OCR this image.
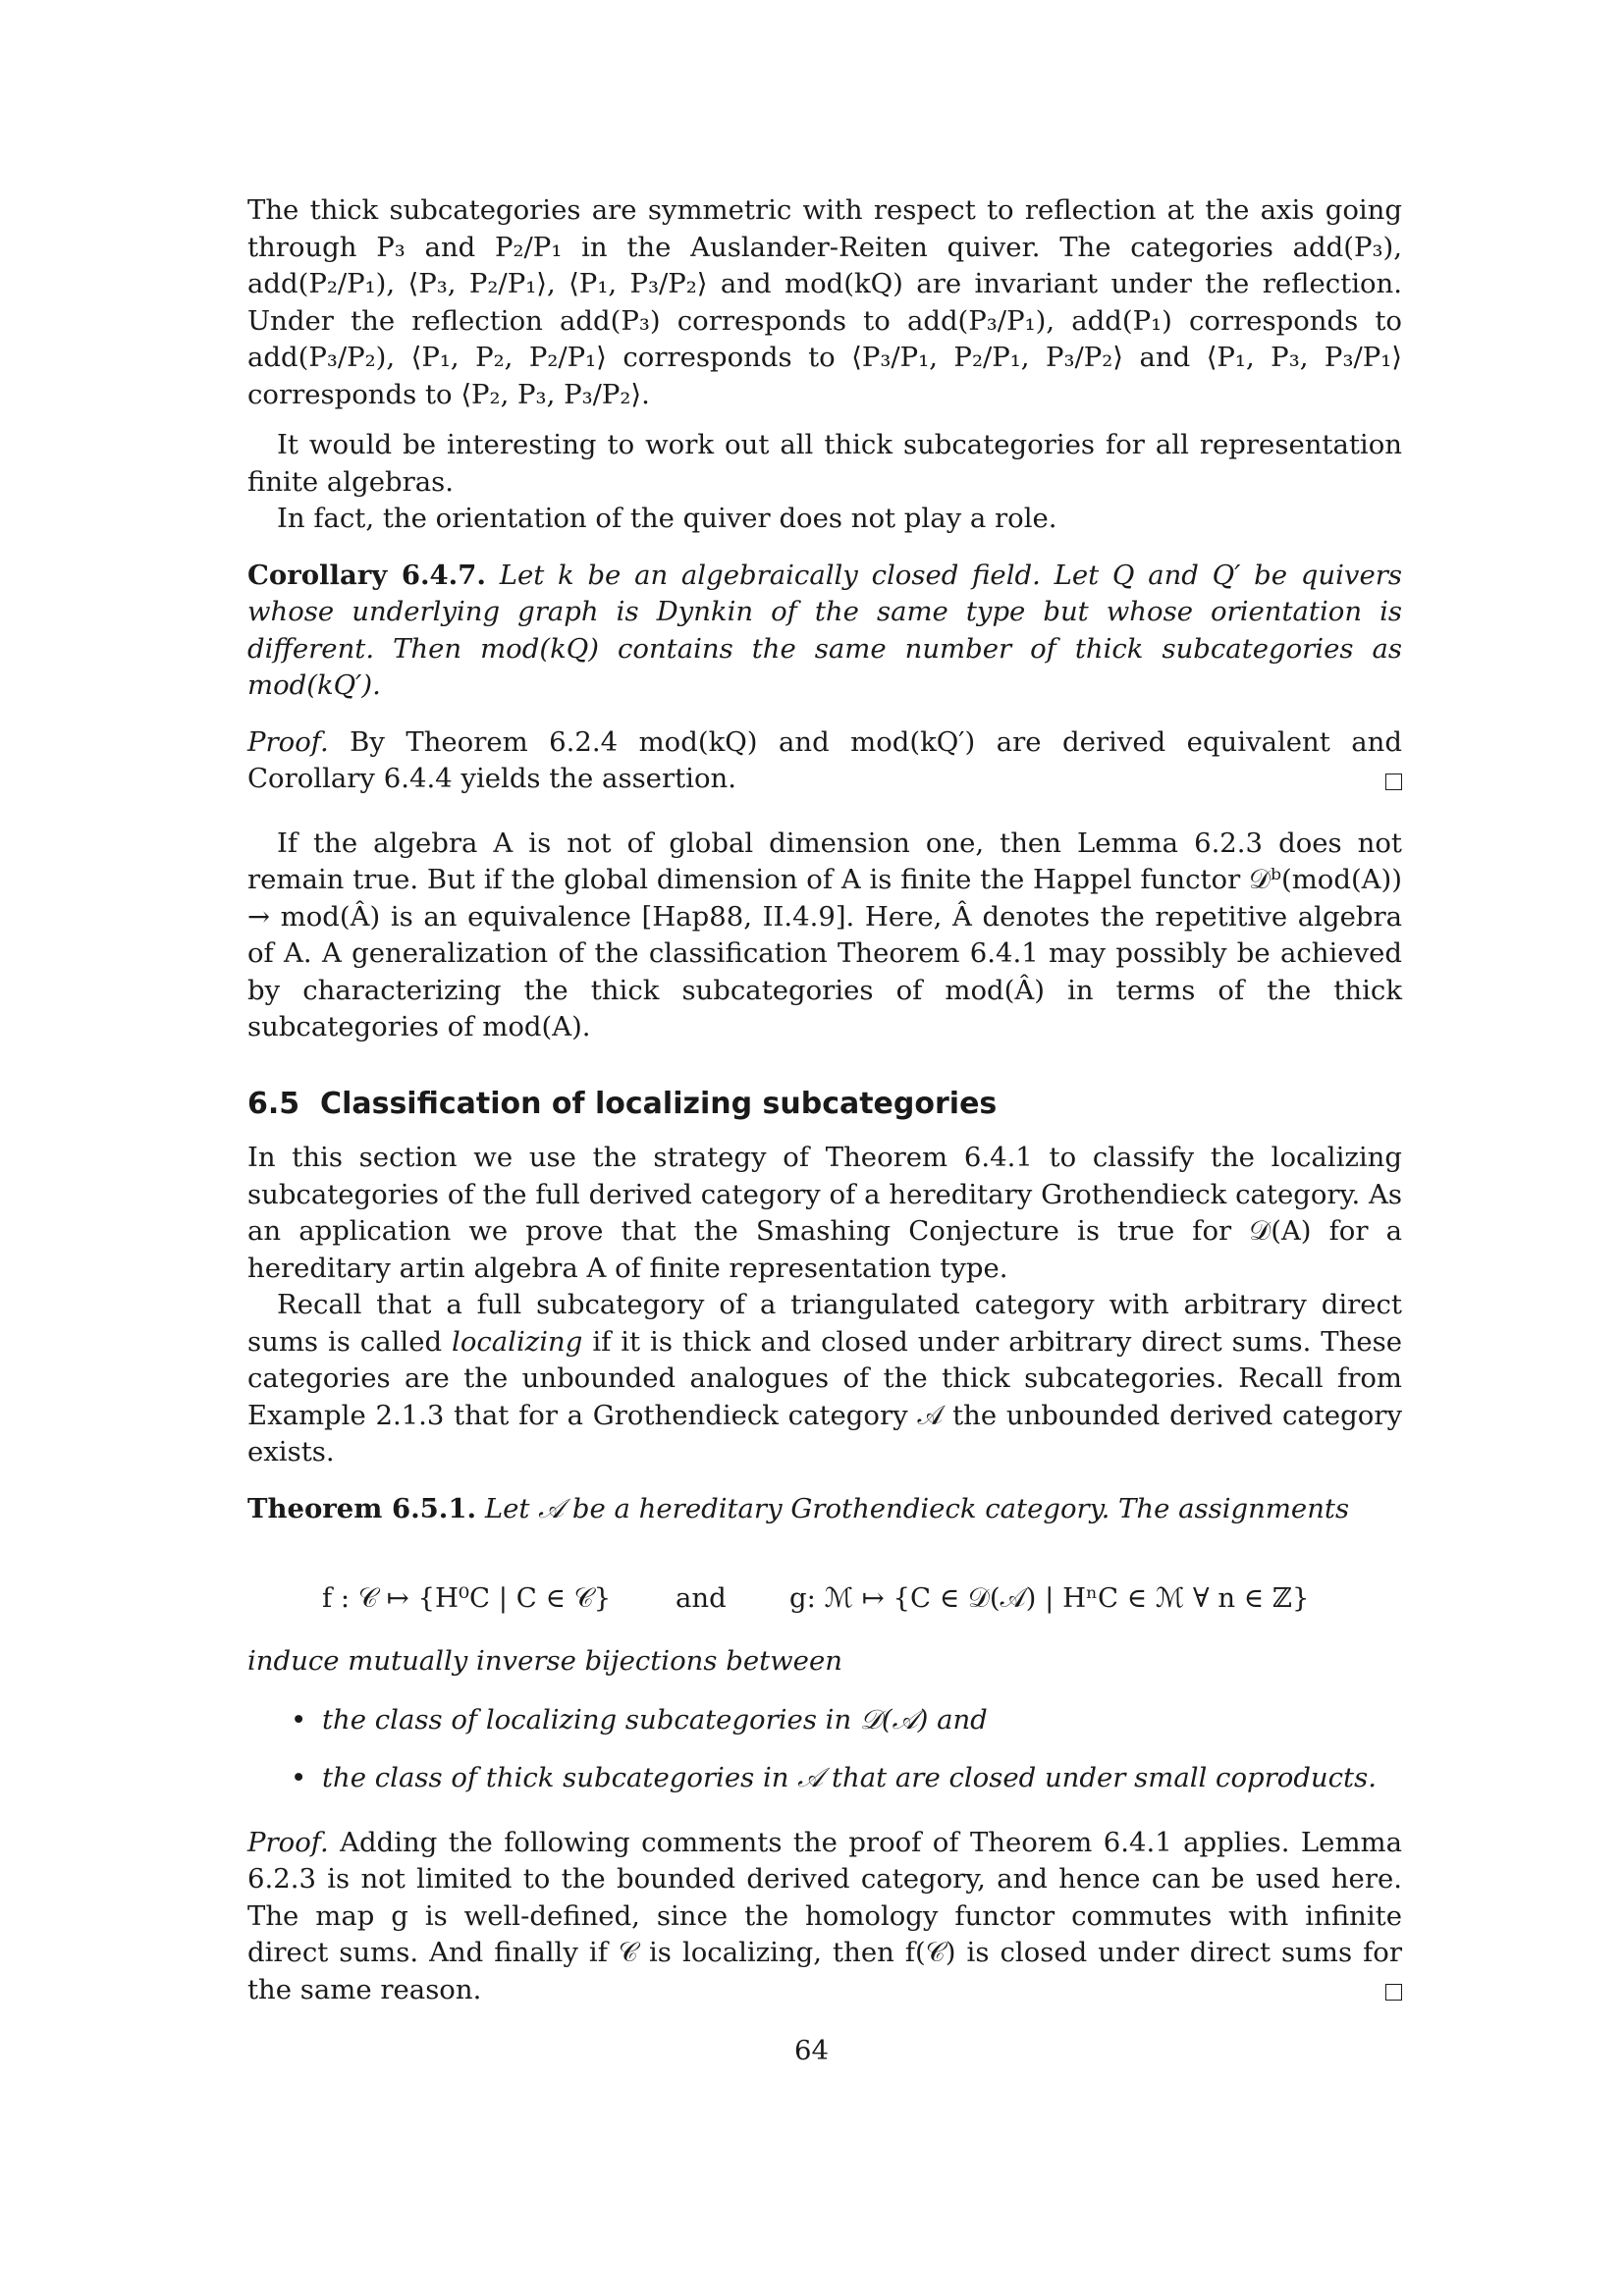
The thick subcategories are symmetric with respect to reflection at the axis going through P₃ and P₂/P₁ in the Auslander-Reiten quiver. The categories add(P₃), add(P₂/P₁), ⟨P₃, P₂/P₁⟩, ⟨P₁, P₃/P₂⟩ and mod(kQ) are invariant under the reflection. Under the reflection add(P₃) corresponds to add(P₃/P₁), add(P₁) corresponds to add(P₃/P₂), ⟨P₁, P₂, P₂/P₁⟩ corresponds to ⟨P₃/P₁, P₂/P₁, P₃/P₂⟩ and ⟨P₁, P₃, P₃/P₁⟩ corresponds to ⟨P₂, P₃, P₃/P₂⟩.

It would be interesting to work out all thick subcategories for all representation finite algebras.

In fact, the orientation of the quiver does not play a role.

Corollary 6.4.7. Let k be an algebraically closed field. Let Q and Q′ be quivers whose underlying graph is Dynkin of the same type but whose orientation is different. Then mod(kQ) contains the same number of thick subcategories as mod(kQ′).

Proof. By Theorem 6.2.4 mod(kQ) and mod(kQ′) are derived equivalent and Corollary 6.4.4 yields the assertion.

If the algebra A is not of global dimension one, then Lemma 6.2.3 does not remain true. But if the global dimension of A is finite the Happel functor 𝒟ᵇ(mod(A)) → mod(Â) is an equivalence [Hap88, II.4.9]. Here, Â denotes the repetitive algebra of A. A generalization of the classification Theorem 6.4.1 may possibly be achieved by characterizing the thick subcategories of mod(Â) in terms of the thick subcategories of mod(A).

6.5 Classification of localizing subcategories

In this section we use the strategy of Theorem 6.4.1 to classify the localizing subcategories of the full derived category of a hereditary Grothendieck category. As an application we prove that the Smashing Conjecture is true for 𝒟(A) for a hereditary artin algebra A of finite representation type.

Recall that a full subcategory of a triangulated category with arbitrary direct sums is called localizing if it is thick and closed under arbitrary direct sums. These categories are the unbounded analogues of the thick subcategories. Recall from Example 2.1.3 that for a Grothendieck category 𝒜 the unbounded derived category exists.

Theorem 6.5.1. Let 𝒜 be a hereditary Grothendieck category. The assignments

f : 𝒞 ↦ {H⁰C | C ∈ 𝒞} and g: ℳ ↦ {C ∈ 𝒟(𝒜) | HⁿC ∈ ℳ ∀ n ∈ ℤ}

induce mutually inverse bijections between

• the class of localizing subcategories in 𝒟(𝒜) and
• the class of thick subcategories in 𝒜 that are closed under small coproducts.

Proof. Adding the following comments the proof of Theorem 6.4.1 applies. Lemma 6.2.3 is not limited to the bounded derived category, and hence can be used here. The map g is well-defined, since the homology functor commutes with infinite direct sums. And finally if 𝒞 is localizing, then f(𝒞) is closed under direct sums for the same reason.

64
